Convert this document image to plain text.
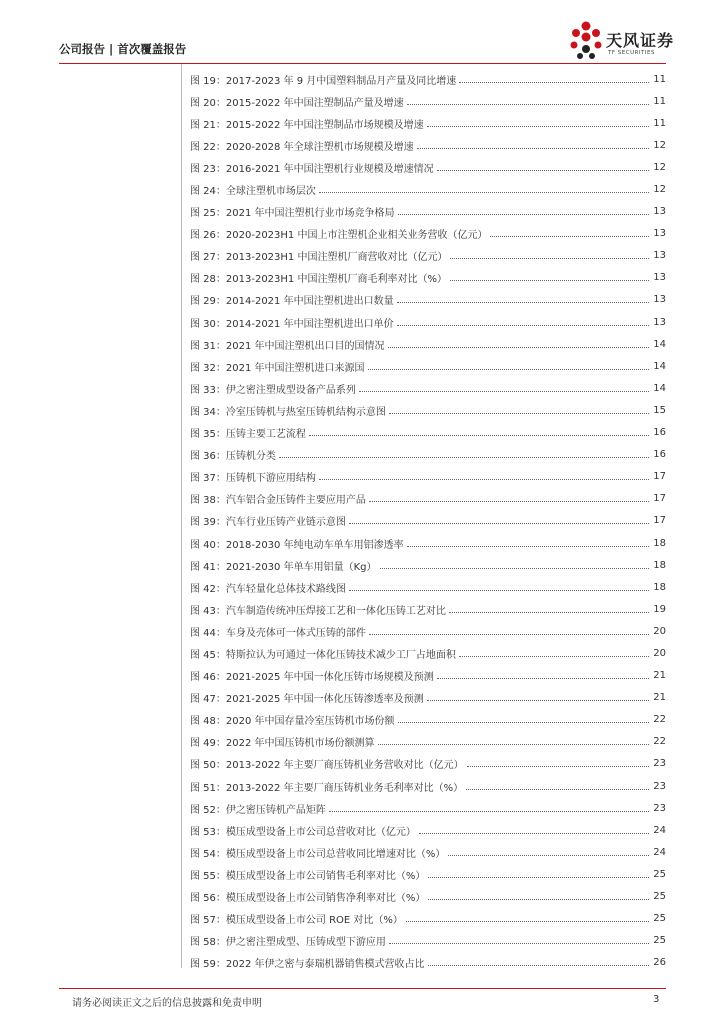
公司报告 | 首次覆盖报告	天风证券
TF SECURITIES
图 19：2017-2023 年 9 月中国塑料制品月产量及同比增速	11
图 20：2015-2022 年中国注塑制品产量及增速	11
图 21：2015-2022 年中国注塑制品市场规模及增速	11
图 22：2020-2028 年全球注塑机市场规模及增速	12
图 23：2016-2021 年中国注塑机行业规模及增速情况	12
图 24：全球注塑机市场层次	12
图 25：2021 年中国注塑机行业市场竞争格局	13
图 26：2020-2023H1 中国上市注塑机企业相关业务营收（亿元）	13
图 27：2013-2023H1 中国注塑机厂商营收对比（亿元）	13
图 28：2013-2023H1 中国注塑机厂商毛利率对比（%）	13
图 29：2014-2021 年中国注塑机进出口数量	13
图 30：2014-2021 年中国注塑机进出口单价	13
图 31：2021 年中国注塑机出口目的国情况	14
图 32：2021 年中国注塑机进口来源国	14
图 33：伊之密注塑成型设备产品系列	14
图 34：冷室压铸机与热室压铸机结构示意图	15
图 35：压铸主要工艺流程	16
图 36：压铸机分类	16
图 37：压铸机下游应用结构	17
图 38：汽车铝合金压铸件主要应用产品	17
图 39：汽车行业压铸产业链示意图	17
图 40：2018-2030 年纯电动车单车用铝渗透率	18
图 41：2021-2030 年单车用铝量（Kg）	18
图 42：汽车轻量化总体技术路线图	18
图 43：汽车制造传统冲压焊接工艺和一体化压铸工艺对比	19
图 44：车身及壳体可一体式压铸的部件	20
图 45：特斯拉认为可通过一体化压铸技术减少工厂占地面积	20
图 46：2021-2025 年中国一体化压铸市场规模及预测	21
图 47：2021-2025 年中国一体化压铸渗透率及预测	21
图 48：2020 年中国存量冷室压铸机市场份额	22
图 49：2022 年中国压铸机市场份额测算	22
图 50：2013-2022 年主要厂商压铸机业务营收对比（亿元）	23
图 51：2013-2022 年主要厂商压铸机业务毛利率对比（%）	23
图 52：伊之密压铸机产品矩阵	23
图 53：模压成型设备上市公司总营收对比（亿元）	24
图 54：模压成型设备上市公司总营收同比增速对比（%）	24
图 55：模压成型设备上市公司销售毛利率对比（%）	25
图 56：模压成型设备上市公司销售净利率对比（%）	25
图 57：模压成型设备上市公司 ROE 对比（%）	25
图 58：伊之密注塑成型、压铸成型下游应用	25
图 59：2022 年伊之密与泰瑞机器销售模式营收占比	26
请务必阅读正文之后的信息披露和免责申明	3
